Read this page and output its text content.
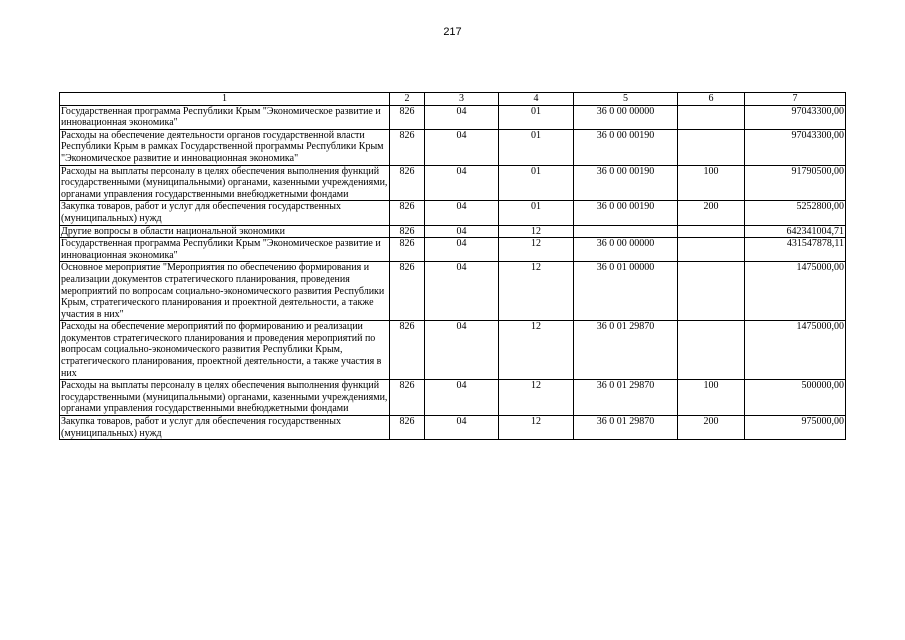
217
1	2	3	4	5	6	7
Государственная программа Республики Крым "Экономическое развитие и инновационная экономика"	826	04	01	36 0 00 00000		97043300,00
Расходы на обеспечение деятельности органов государственной власти Республики Крым в рамках Государственной программы Республики Крым "Экономическое развитие и инновационная экономика"	826	04	01	36 0 00 00190		97043300,00
Расходы на выплаты персоналу в целях обеспечения выполнения функций государственными (муниципальными) органами, казенными учреждениями, органами управления государственными внебюджетными фондами	826	04	01	36 0 00 00190	100	91790500,00
Закупка товаров, работ и услуг для обеспечения государственных (муниципальных) нужд	826	04	01	36 0 00 00190	200	5252800,00
Другие вопросы в области национальной экономики	826	04	12			642341004,71
Государственная программа Республики Крым "Экономическое развитие и инновационная экономика"	826	04	12	36 0 00 00000		431547878,11
Основное мероприятие "Мероприятия по обеспечению формирования и реализации документов стратегического планирования, проведения мероприятий по вопросам социально-экономического развития Республики Крым, стратегического планирования и проектной деятельности, а также участия в них"	826	04	12	36 0 01 00000		1475000,00
Расходы на обеспечение мероприятий по формированию и реализации документов стратегического планирования и проведения мероприятий по вопросам социально-экономического развития Республики Крым, стратегического планирования, проектной деятельности, а также участия в них	826	04	12	36 0 01 29870		1475000,00
Расходы на выплаты персоналу в целях обеспечения выполнения функций государственными (муниципальными) органами, казенными учреждениями, органами управления государственными внебюджетными фондами	826	04	12	36 0 01 29870	100	500000,00
Закупка товаров, работ и услуг для обеспечения государственных (муниципальных) нужд	826	04	12	36 0 01 29870	200	975000,00
